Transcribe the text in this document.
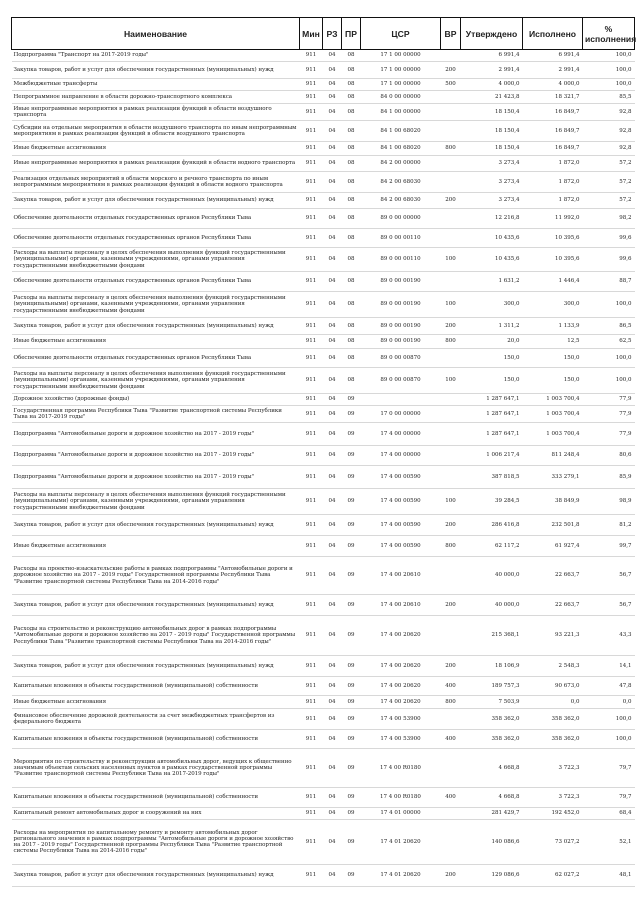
Наименование	Мин	РЗ	ПР	ЦСР	ВР	Утверждено	Исполнено	% исполнения
Подпрограмма "Транспорт на 2017-2019 годы"	911	04	08	17 1 00 00000		6 991,4	6 991,4	100,0
Закупка товаров, работ и услуг для обеспечения государственных (муниципальных) нужд	911	04	08	17 1 00 00000	200	2 991,4	2 991,4	100,0
Межбюджетные трансферты	911	04	08	17 1 00 00000	500	4 000,0	4 000,0	100,0
Непрограммное направление в области дорожно-транспортного комплекса	911	04	08	84 0 00 00000		21 423,8	18 321,7	85,5
Иные непрограммные мероприятия в рамках реализации функций в области воздушного транспорта	911	04	08	84 1 00 00000		18 150,4	16 849,7	92,8
Субсидии на отдельные мероприятия в области воздушного транспорта по иным непрограммным мероприятиям в рамках реализации функций в области воздушного транспорта	911	04	08	84 1 00 68020		18 150,4	16 849,7	92,8
Иные бюджетные ассигнования	911	04	08	84 1 00 68020	800	18 150,4	16 849,7	92,8
Иные непрограммные мероприятия в рамках реализации функций в области водного транспорта	911	04	08	84 2 00 00000		3 273,4	1 872,0	57,2
Реализация отдельных мероприятий в области морского и речного транспорта по иным непрограммным мероприятиям в рамках реализации функций в области водного транспорта	911	04	08	84 2 00 68030		3 273,4	1 872,0	57,2
Закупка товаров, работ и услуг для обеспечения государственных (муниципальных) нужд	911	04	08	84 2 00 68030	200	3 273,4	1 872,0	57,2
Обеспечение деятельности отдельных государственных органов Республики Тыва	911	04	08	89 0 00 00000		12 216,8	11 992,0	98,2
Обеспечение деятельности отдельных государственных органов Республики Тыва	911	04	08	89 0 00 00110		10 435,6	10 395,6	99,6
Расходы на выплаты персоналу в целях обеспечения выполнения функций государственными (муниципальными) органами, казенными учреждениями, органами управления государственными внебюджетными фондами	911	04	08	89 0 00 00110	100	10 435,6	10 395,6	99,6
Обеспечение деятельности отдельных государственных органов Республики Тыва	911	04	08	89 0 00 00190		1 631,2	1 446,4	88,7
Расходы на выплаты персоналу в целях обеспечения выполнения функций государственными (муниципальными) органами, казенными учреждениями, органами управления государственными внебюджетными фондами	911	04	08	89 0 00 00190	100	300,0	300,0	100,0
Закупка товаров, работ и услуг для обеспечения государственных (муниципальных) нужд	911	04	08	89 0 00 00190	200	1 311,2	1 133,9	86,5
Иные бюджетные ассигнования	911	04	08	89 0 00 00190	800	20,0	12,5	62,5
Обеспечение деятельности отдельных государственных органов Республики Тыва	911	04	08	89 0 00 00870		150,0	150,0	100,0
Расходы на выплаты персоналу в целях обеспечения выполнения функций государственными (муниципальными) органами, казенными учреждениями, органами управления государственными внебюджетными фондами	911	04	08	89 0 00 00870	100	150,0	150,0	100,0
Дорожное хозяйство (дорожные фонды)	911	04	09			1 287 647,1	1 003 700,4	77,9
Государственная программа Республики Тыва "Развитие транспортной системы Республики Тыва на 2017-2019 годы"	911	04	09	17 0 00 00000		1 287 647,1	1 003 700,4	77,9
Подпрограмма "Автомобильные дороги и дорожное хозяйство на 2017 - 2019 годы"	911	04	09	17 4 00 00000		1 287 647,1	1 003 700,4	77,9
Подпрограмма "Автомобильные дороги и дорожное хозяйство на 2017 - 2019 годы"	911	04	09	17 4 00 00000		1 006 217,4	811 248,4	80,6
Подпрограмма "Автомобильные дороги и дорожное хозяйство на 2017 - 2019 годы"	911	04	09	17 4 00 00590		387 818,5	333 279,1	85,9
Расходы на выплаты персоналу в целях обеспечения выполнения функций государственными (муниципальными) органами, казенными учреждениями, органами управления государственными внебюджетными фондами	911	04	09	17 4 00 00590	100	39 284,5	38 849,9	98,9
Закупка товаров, работ и услуг для обеспечения государственных (муниципальных) нужд	911	04	09	17 4 00 00590	200	286 416,8	232 501,8	81,2
Иные бюджетные ассигнования	911	04	09	17 4 00 00590	800	62 117,2	61 927,4	99,7
Расходы на проектно-изыскательские работы в рамках подпрограммы "Автомобильные дороги и дорожное хозяйство на 2017 - 2019 годы" Государственной программы Республики Тыва "Развитие транспортной системы Республики Тыва на 2014-2016 годы"	911	04	09	17 4 00 20610		40 000,0	22 663,7	56,7
Закупка товаров, работ и услуг для обеспечения государственных (муниципальных) нужд	911	04	09	17 4 00 20610	200	40 000,0	22 663,7	56,7
Расходы на строительство и реконструкцию автомобильных дорог в рамках подпрограммы "Автомобильные дороги и дорожное хозяйство на 2017 - 2019 годы" Государственной программы Республики Тыва "Развитие транспортной системы Республики Тыва на 2014-2016 годы"	911	04	09	17 4 00 20620		215 368,1	93 221,3	43,3
Закупка товаров, работ и услуг для обеспечения государственных (муниципальных) нужд	911	04	09	17 4 00 20620	200	18 106,9	2 548,3	14,1
Капитальные вложения в объекты государственной (муниципальной) собственности	911	04	09	17 4 00 20620	400	189 757,3	90 673,0	47,8
Иные бюджетные ассигнования	911	04	09	17 4 00 20620	800	7 503,9	0,0	0,0
Финансовое обеспечение дорожной деятельности за счет межбюджетных трансфертов из федерального бюджета	911	04	09	17 4 00 53900		358 362,0	358 362,0	100,0
Капитальные вложения в объекты государственной (муниципальной) собственности	911	04	09	17 4 00 53900	400	358 362,0	358 362,0	100,0
Мероприятия по строительству и реконструкции автомобильных дорог, ведущих к общественно значимым объектам сельских населенных пунктов в рамках государственной программы "Развитие транспортной системы Республики Тыва на 2017-2019 годы"	911	04	09	17 4 00 R0180		4 668,8	3 722,3	79,7
Капитальные вложения в объекты государственной (муниципальной) собственности	911	04	09	17 4 00 R0180	400	4 668,8	3 722,3	79,7
Капитальный ремонт автомобильных дорог и сооружений на них	911	04	09	17 4 01 00000		281 429,7	192 452,0	68,4
Расходы на мероприятия по капитальному ремонту и ремонту автомобильных дорог регионального значения в рамках подпрограммы "Автомобильные дороги и дорожное хозяйство на 2017 - 2019 годы" Государственной программы Республики Тыва "Развитие транспортной системы Республики Тыва на 2014-2016 годы"	911	04	09	17 4 01 20620		140 086,6	73 027,2	52,1
Закупка товаров, работ и услуг для обеспечения государственных (муниципальных) нужд	911	04	09	17 4 01 20620	200	129 086,6	62 027,2	48,1
